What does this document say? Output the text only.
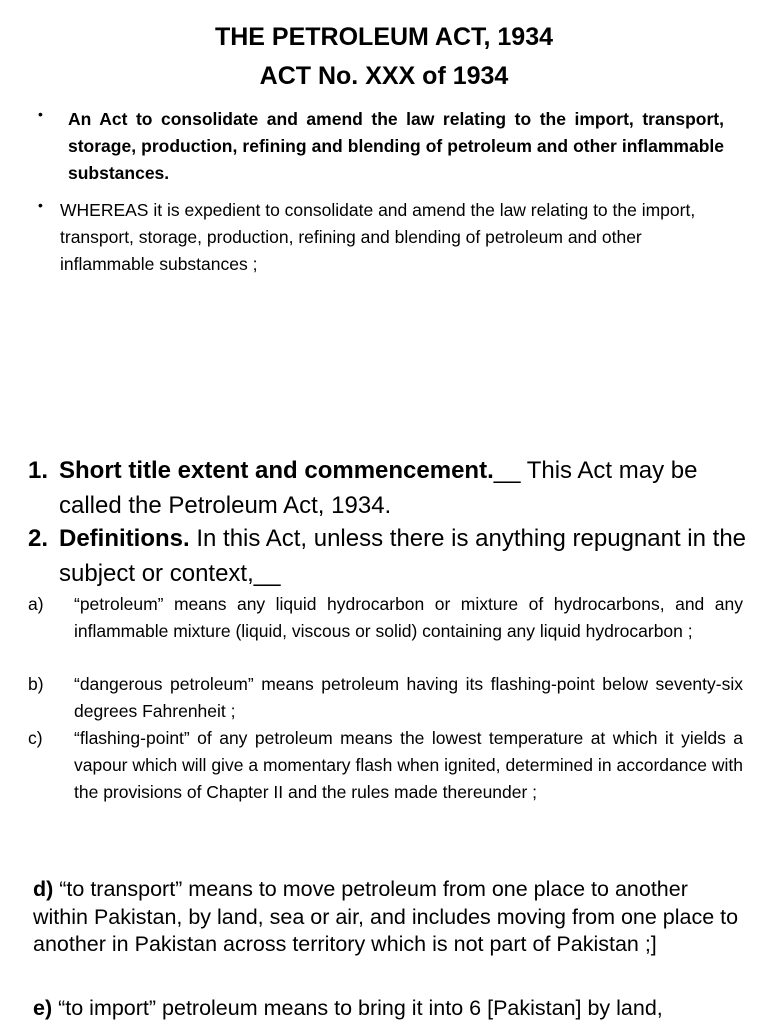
THE PETROLEUM ACT, 1934
ACT No. XXX of 1934
• An Act to consolidate and amend the law relating to the import, transport, storage, production, refining and blending of petroleum and other inflammable substances.
• WHEREAS it is expedient to consolidate and amend the law relating to the import, transport, storage, production, refining and blending of petroleum and other inflammable substances ;
1. Short title extent and commencement.__ This Act may be called the Petroleum Act, 1934.
2. Definitions. In this Act, unless there is anything repugnant in the subject or context,__
a) “petroleum” means any liquid hydrocarbon or mixture of hydrocarbons, and any inflammable mixture (liquid, viscous or solid) containing any liquid hydrocarbon ;
b) “dangerous petroleum” means petroleum having its flashing-point below seventy-six degrees Fahrenheit ;
c) “flashing-point” of any petroleum means the lowest temperature at which it yields a vapour which will give a momentary flash when ignited, determined in accordance with the provisions of Chapter II and the rules made thereunder ;
d) “to transport” means to move petroleum from one place to another within Pakistan, by land, sea or air, and includes moving from one place to another in Pakistan across territory which is not part of Pakistan ;]
e) “to import” petroleum means to bring it into 6 [Pakistan] by land,
